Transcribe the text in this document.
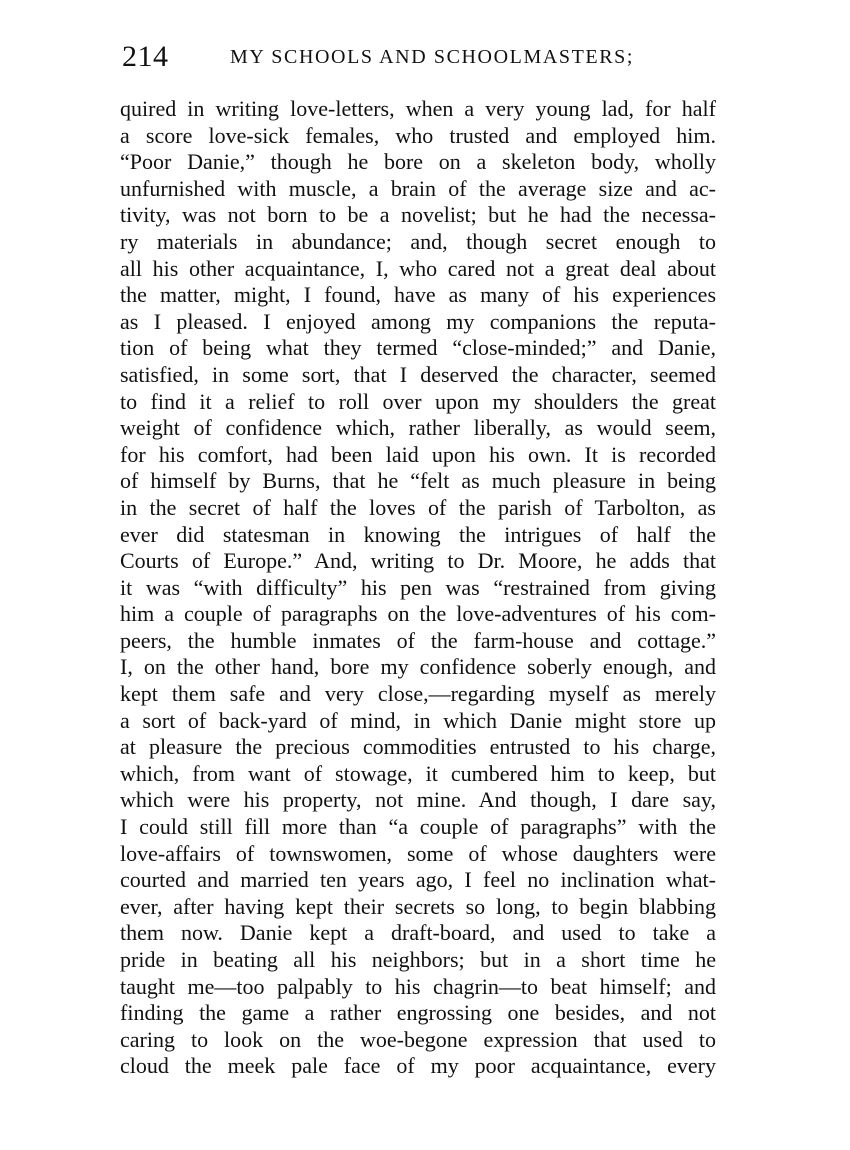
214	MY SCHOOLS AND SCHOOLMASTERS;
quired in writing love-letters, when a very young lad, for half
a score love-sick females, who trusted and employed him.
“Poor Danie,” though he bore on a skeleton body, wholly
unfurnished with muscle, a brain of the average size and ac-
tivity, was not born to be a novelist; but he had the necessa-
ry materials in abundance; and, though secret enough to
all his other acquaintance, I, who cared not a great deal about
the matter, might, I found, have as many of his experiences
as I pleased. I enjoyed among my companions the reputa-
tion of being what they termed “close-minded;” and Danie,
satisfied, in some sort, that I deserved the character, seemed
to find it a relief to roll over upon my shoulders the great
weight of confidence which, rather liberally, as would seem,
for his comfort, had been laid upon his own. It is recorded
of himself by Burns, that he “felt as much pleasure in being
in the secret of half the loves of the parish of Tarbolton, as
ever did statesman in knowing the intrigues of half the
Courts of Europe.” And, writing to Dr. Moore, he adds that
it was “with difficulty” his pen was “restrained from giving
him a couple of paragraphs on the love-adventures of his com-
peers, the humble inmates of the farm-house and cottage.”
I, on the other hand, bore my confidence soberly enough, and
kept them safe and very close,—regarding myself as merely
a sort of back-yard of mind, in which Danie might store up
at pleasure the precious commodities entrusted to his charge,
which, from want of stowage, it cumbered him to keep, but
which were his property, not mine. And though, I dare say,
I could still fill more than “a couple of paragraphs” with the
love-affairs of townswomen, some of whose daughters were
courted and married ten years ago, I feel no inclination what-
ever, after having kept their secrets so long, to begin blabbing
them now. Danie kept a draft-board, and used to take a
pride in beating all his neighbors; but in a short time he
taught me—too palpably to his chagrin—to beat himself; and
finding the game a rather engrossing one besides, and not
caring to look on the woe-begone expression that used to
cloud the meek pale face of my poor acquaintance, every
